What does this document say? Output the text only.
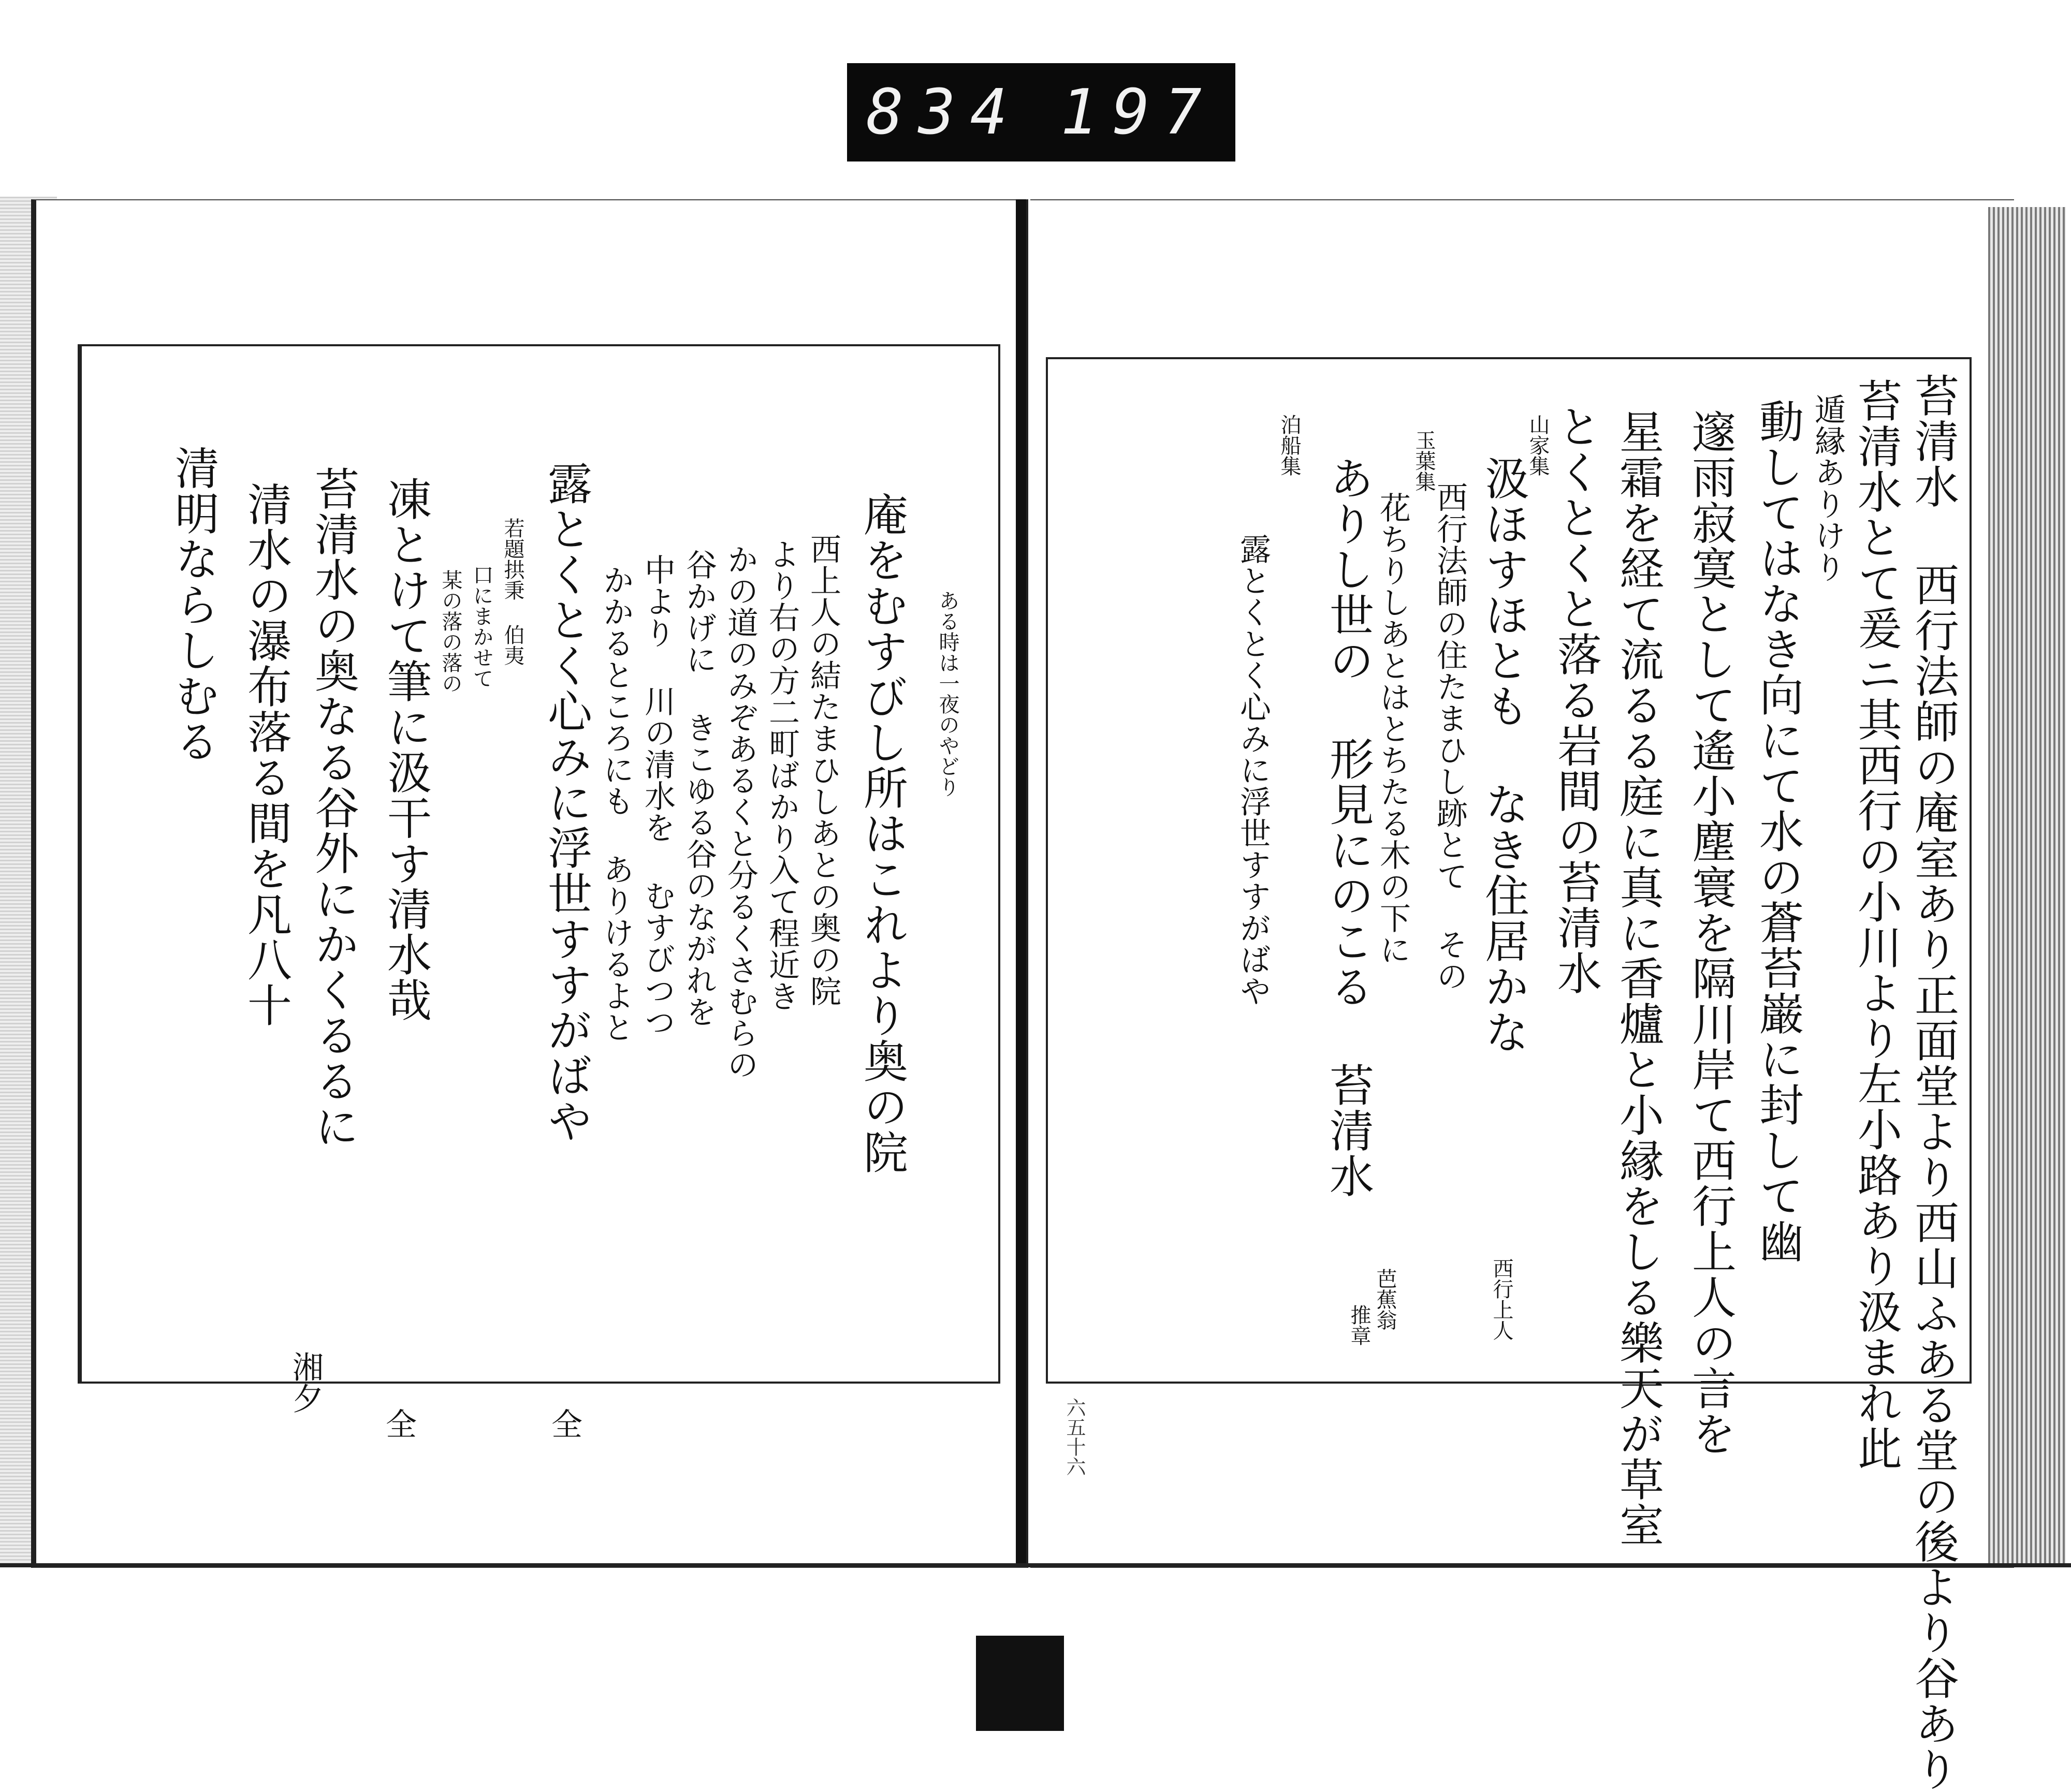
834 197
苔清水 西行法師の庵室あり正面堂より西山ふある堂の後より谷あり
苔清水とて爰ニ其西行の小川より左小路あり汲まれ此
遁縁ありけり
動してはなき向にて水の蒼苔巌に封して幽
邃雨寂寞として遙小塵寰を隔川岸て西行上人の言を
星霜を経て流るる庭に真に香爐と小縁をしる樂天が草室
とくとくと落る岩間の苔清水
山家集
汲ほすほとも なき住居かな
西行法師の住たまひし跡とて その
玉葉集
花ちりしあとはとちたる木の下に
ありし世の 形見にのこる 苔清水
泊船集
露とくとく心みに浮世すすがばや
西行上人
芭蕉翁
推章
六五十六
ある時は一夜のやどり
庵をむすびし所はこれより奥の院
西上人の結たまひしあとの奥の院
より右の方二町ばかり入て程近き
かの道のみぞあるくと分るくさむらの
谷かげに きこゆる谷のながれを
中より 川の清水を むすびつつ
かかるところにも ありけるよと
露とくとく心みに浮世すすがばや
若題拱秉 伯夷
口にまかせて
某の落の落の
凍とけて筆に汲干す清水哉
苔清水の奥なる谷外にかくるるに
清水の瀑布落る間を凡八十
清明ならしむる
全
全
湘夕
